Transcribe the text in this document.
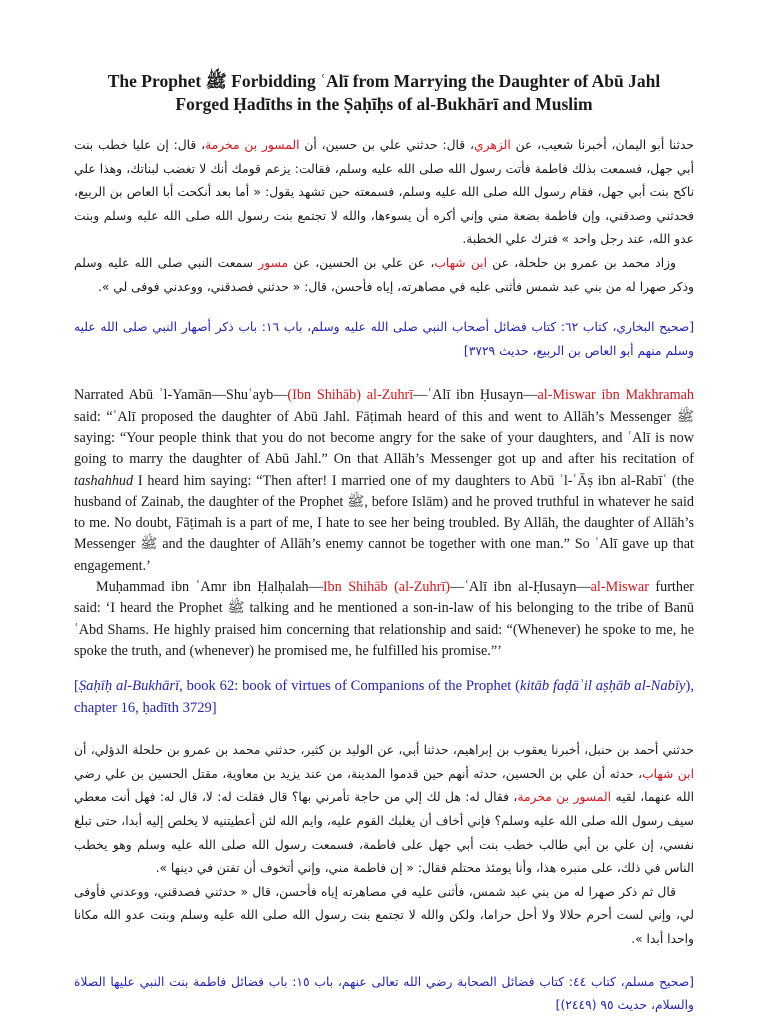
The Prophet ﷺ Forbidding ʿAlī from Marrying the Daughter of Abū Jahl

Forged Ḥadīths in the Ṣaḥīḥs of al-Bukhārī and Muslim

حدثنا أبو اليمان، أخبرنا شعيب، عن الزهري، قال: حدثني علي بن حسين، أن المسور بن مخرمة، قال: إن عليا خطب بنت أبي جهل، فسمعت بذلك فاطمة فأتت رسول الله صلى الله عليه وسلم، فقالت: يزعم قومك أنك لا تغضب لبناتك، وهذا علي ناكح بنت أبي جهل، فقام رسول الله صلى الله عليه وسلم، فسمعته حين تشهد يقول: « أما بعد أنكحت أبا العاص بن الربيع، فحدثني وصدقني، وإن فاطمة بضعة مني وإني أكره أن يسوءها، والله لا تجتمع بنت رسول الله صلى الله عليه وسلم وبنت عدو الله، عند رجل واحد » فترك علي الخطبة.

وزاد محمد بن عمرو بن حلحلة، عن ابن شهاب، عن علي بن الحسين، عن مسور سمعت النبي صلى الله عليه وسلم وذكر صهرا له من بني عبد شمس فأثنى عليه في مصاهرته، إياه فأحسن، قال: « حدثني فصدقني، ووعدني فوفى لي ».

[صحيح البخاري، كتاب ٦٢: كتاب فضائل أصحاب النبي صلى الله عليه وسلم، باب ١٦: باب ذكر أصهار النبي صلى الله عليه وسلم منهم أبو العاص بن الربيع، حديث ٣٧٢٩]

Narrated Abū ʾl-Yamān—Shuʿayb—(Ibn Shihāb) al-Zuhrī—ʿAlī ibn Ḥusayn—al-Miswar ibn Makhramah said: “ʿAlī proposed the daughter of Abū Jahl. Fāṭimah heard of this and went to Allāh’s Messenger ﷺ saying: “Your people think that you do not become angry for the sake of your daughters, and ʿAlī is now going to marry the daughter of Abū Jahl.” On that Allāh’s Messenger got up and after his recitation of tashahhud I heard him saying: “Then after! I married one of my daughters to Abū ʾl-ʿĀṣ ibn al-Rabīʿ (the husband of Zainab, the daughter of the Prophet ﷺ, before Islām) and he proved truthful in whatever he said to me. No doubt, Fāṭimah is a part of me, I hate to see her being troubled. By Allāh, the daughter of Allāh’s Messenger ﷺ and the daughter of Allāh’s enemy cannot be together with one man.” So ʿAlī gave up that engagement.’

Muḥammad ibn ʿAmr ibn Ḥalḥalah—Ibn Shihāb (al-Zuhrī)—ʿAlī ibn al-Ḥusayn—al-Miswar further said: ‘I heard the Prophet ﷺ talking and he mentioned a son-in-law of his belonging to the tribe of Banū ʿAbd Shams. He highly praised him concerning that relationship and said: “(Whenever) he spoke to me, he spoke the truth, and (whenever) he promised me, he fulfilled his promise.”’

[Ṣaḥīḥ al-Bukhārī, book 62: book of virtues of Companions of the Prophet (kitāb faḍāʾil aṣḥāb al-Nabīy), chapter 16, ḥadīth 3729]

حدثني أحمد بن حنبل، أخبرنا يعقوب بن إبراهيم، حدثنا أبي، عن الوليد بن كثير، حدثني محمد بن عمرو بن حلحلة الدؤلي، أن ابن شهاب، حدثه أن علي بن الحسين، حدثه أنهم حين قدموا المدينة، من عند يزيد بن معاوية، مقتل الحسين بن علي رضي الله عنهما، لقيه المسور بن مخرمة، فقال له: هل لك إلي من حاجة تأمرني بها؟ قال فقلت له: لا، قال له: فهل أنت معطي سيف رسول الله صلى الله عليه وسلم؟ فإني أخاف أن يغلبك القوم عليه، وايم الله لئن أعطيتنيه لا يخلص إليه أبدا، حتى تبلغ نفسي، إن علي بن أبي طالب خطب بنت أبي جهل على فاطمة، فسمعت رسول الله صلى الله عليه وسلم وهو يخطب الناس في ذلك، على منبره هذا، وأنا يومئذ محتلم فقال: « إن فاطمة مني، وإني أتخوف أن تفتن في دينها ».

قال ثم ذكر صهرا له من بني عبد شمس، فأثنى عليه في مصاهرته إياه فأحسن، قال « حدثني فصدقني، ووعدني فأوفى لي، وإني لست أحرم حلالا ولا أحل حراما، ولكن والله لا تجتمع بنت رسول الله صلى الله عليه وسلم وبنت عدو الله مكانا واحدا أبدا ».

[صحيح مسلم، كتاب ٤٤: كتاب فضائل الصحابة رضي الله تعالى عنهم، باب ١٥: باب فضائل فاطمة بنت النبي عليها الصلاة والسلام، حديث ٩٥ (٢٤٤٩)]
